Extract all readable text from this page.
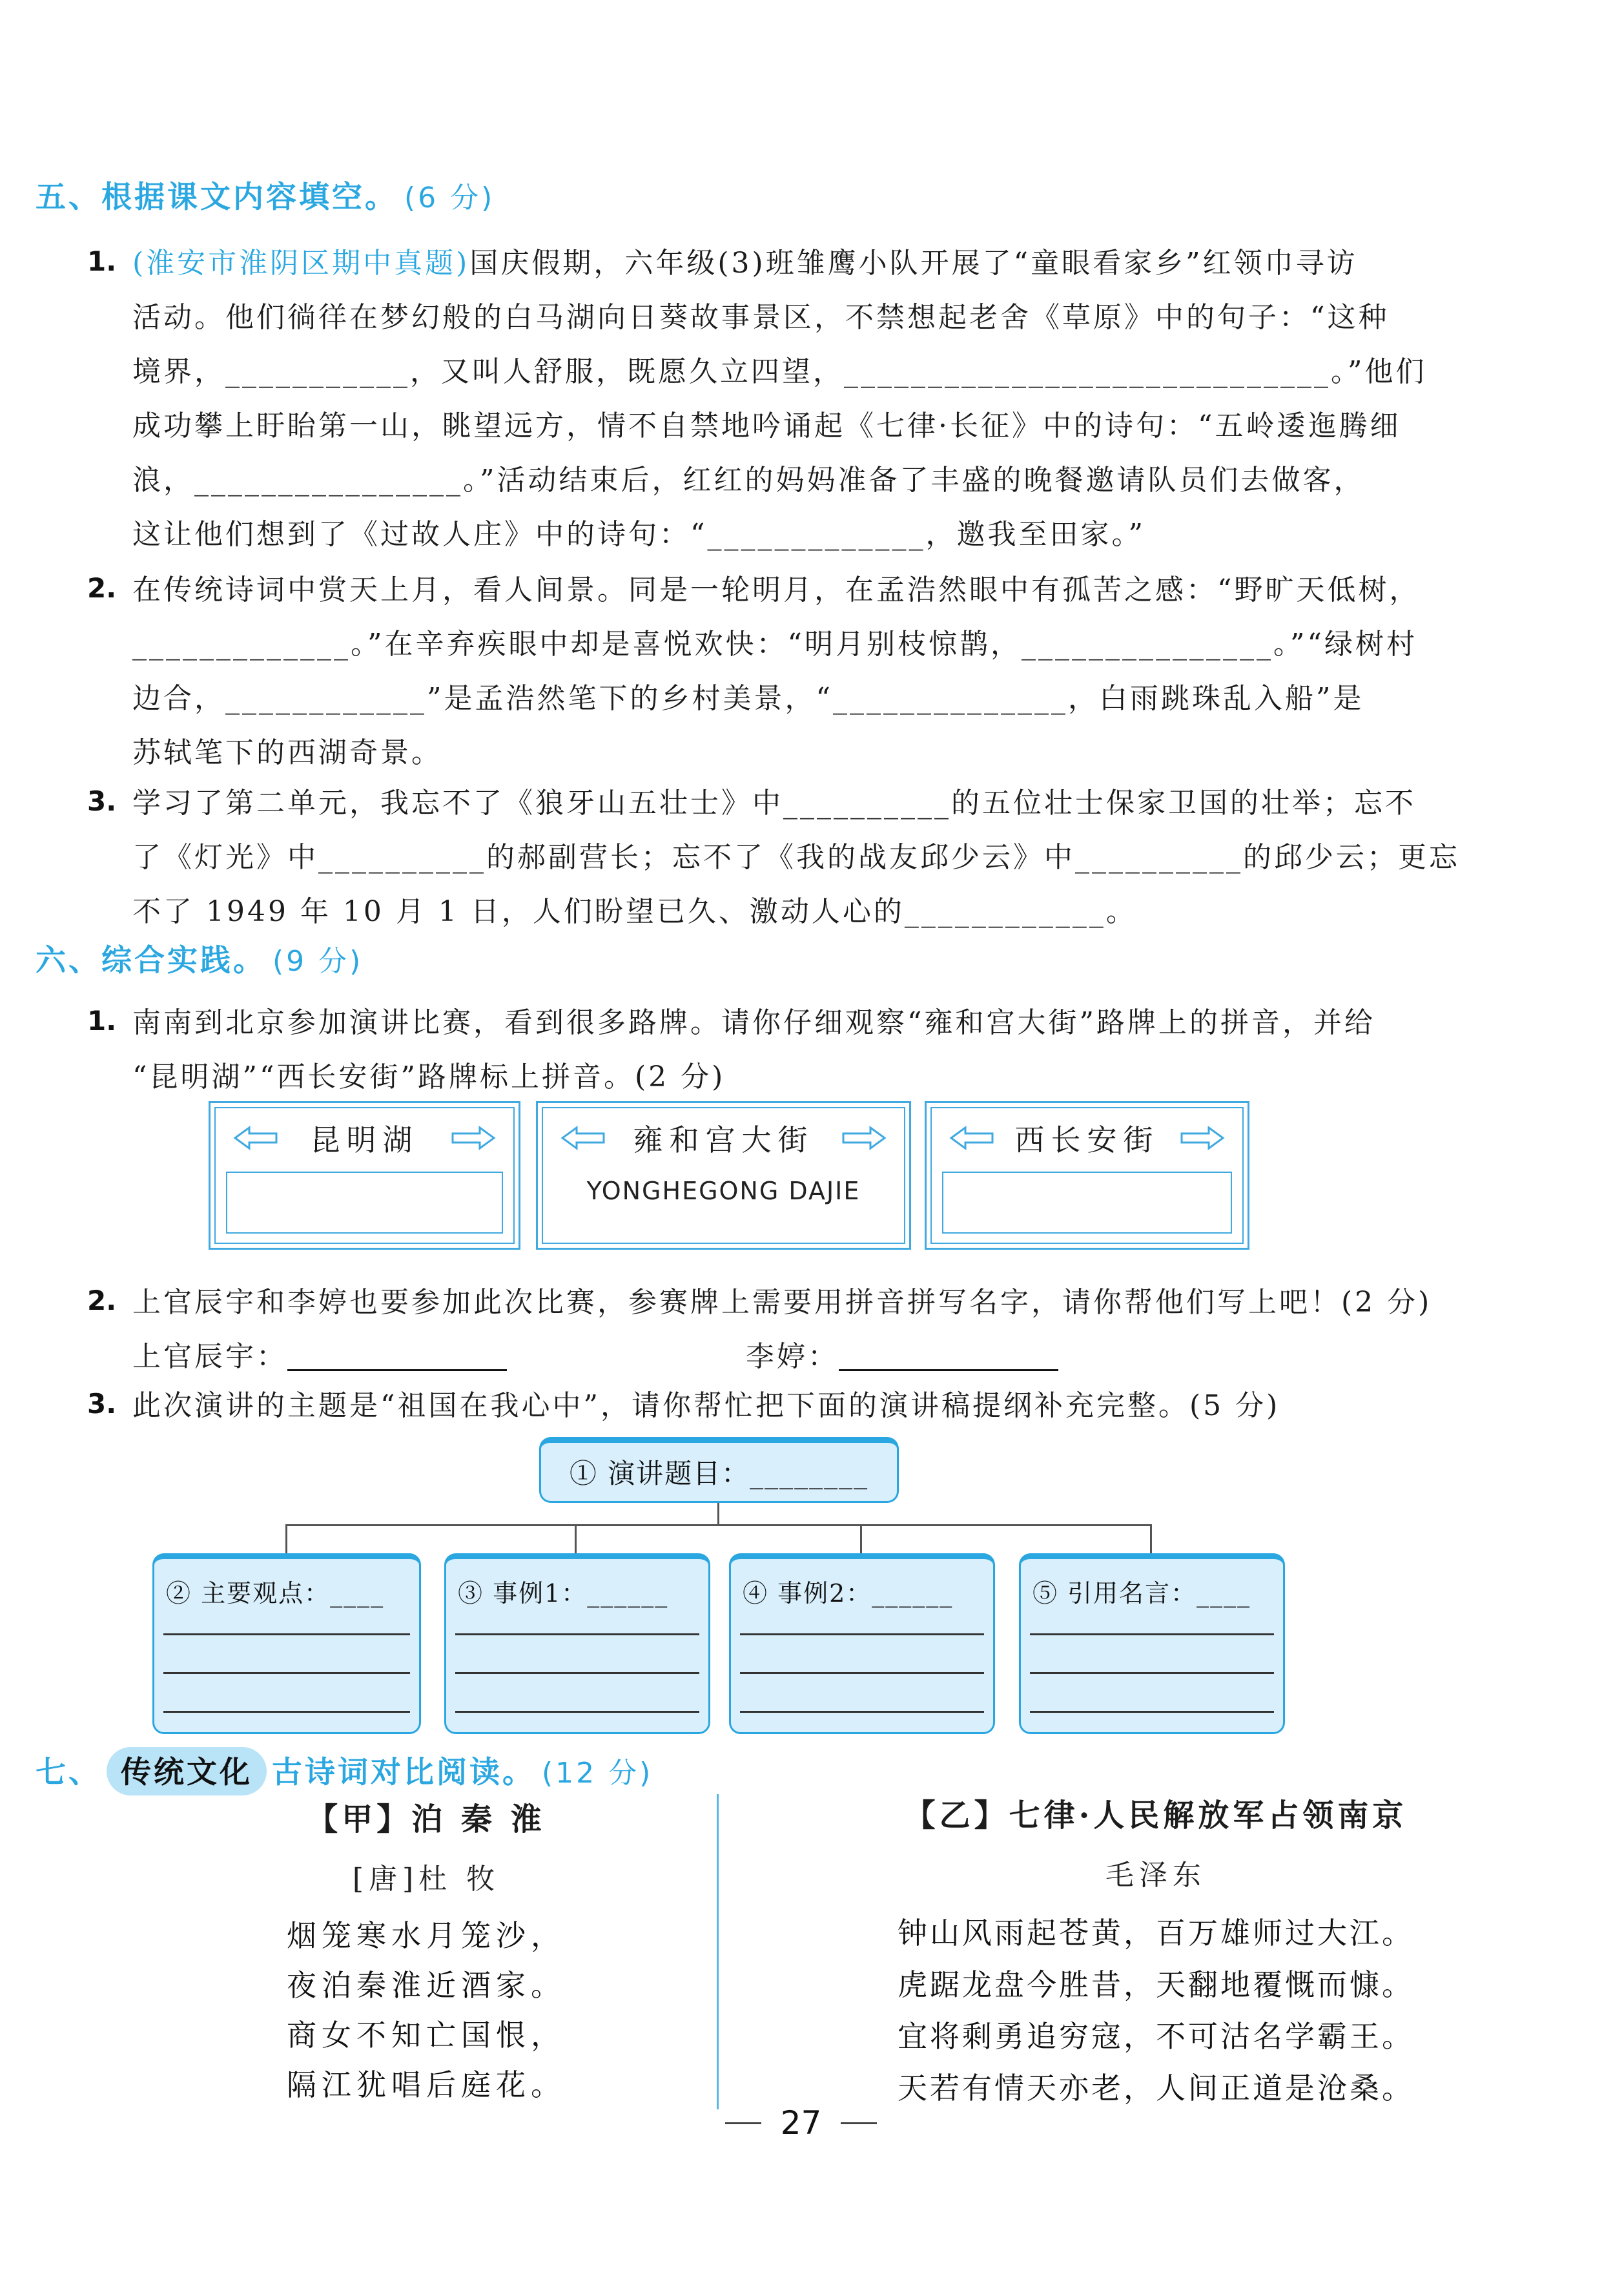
五、根据课文内容填空。 (6 分)
1. (淮安市淮阴区期中真题)国庆假期，六年级(3)班雏鹰小队开展了“童眼看家乡”红领巾寻访
活动。他们徜徉在梦幻般的白马湖向日葵故事景区，不禁想起老舍《草原》中的句子：“这种
境界，___________，又叫人舒服，既愿久立四望，_____________________________。”他们
成功攀上盱眙第一山，眺望远方，情不自禁地吟诵起《七律·长征》中的诗句：“五岭逶迤腾细
浪，________________。”活动结束后，红红的妈妈准备了丰盛的晚餐邀请队员们去做客，
这让他们想到了《过故人庄》中的诗句：“_____________，邀我至田家。”
2. 在传统诗词中赏天上月，看人间景。同是一轮明月，在孟浩然眼中有孤苦之感：“野旷天低树，
_____________。”在辛弃疾眼中却是喜悦欢快：“明月别枝惊鹊，_______________。”“绿树村
边合，____________”是孟浩然笔下的乡村美景，“______________，白雨跳珠乱入船”是
苏轼笔下的西湖奇景。
3. 学习了第二单元，我忘不了《狼牙山五壮士》中__________的五位壮士保家卫国的壮举；忘不
了《灯光》中__________的郝副营长；忘不了《我的战友邱少云》中__________的邱少云；更忘
不了 1949 年 10 月 1 日，人们盼望已久、激动人心的____________。
六、综合实践。 (9 分)
1. 南南到北京参加演讲比赛，看到很多路牌。请你仔细观察“雍和宫大街”路牌上的拼音，并给
“昆明湖”“西长安街”路牌标上拼音。(2 分)
昆明湖	雍和宫大街
YONGHEGONG DAJIE
西长安街
2. 上官辰宇和李婷也要参加此次比赛，参赛牌上需要用拼音拼写名字，请你帮他们写上吧！(2 分)
上官辰宇：	李婷：
3. 此次演讲的主题是“祖国在我心中”，请你帮忙把下面的演讲稿提纲补充完整。(5 分)
① 演讲题目：________
② 主要观点：____	③ 事例1：______	④ 事例2：______	⑤ 引用名言：____
七、 传统文化 古诗词对比阅读。 (12 分)
【甲】泊 秦 淮
[唐]杜 牧
烟笼寒水月笼沙，
夜泊秦淮近酒家。
商女不知亡国恨，
隔江犹唱后庭花。
【乙】七律·人民解放军占领南京
毛泽东
钟山风雨起苍黄，百万雄师过大江。
虎踞龙盘今胜昔，天翻地覆慨而慷。
宜将剩勇追穷寇，不可沽名学霸王。
天若有情天亦老，人间正道是沧桑。
27
